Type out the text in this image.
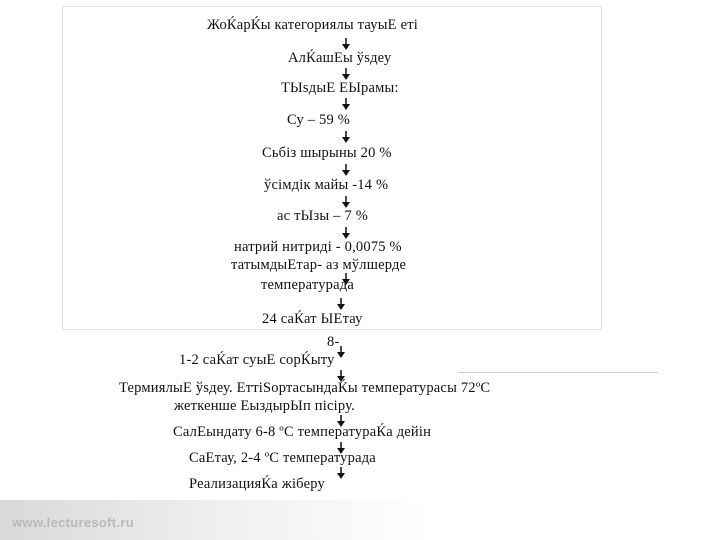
ЖоЌарЌы категориялы тауыЕ еті
АлЌашЕы ўѕдеу
ТЫѕдыЕ ЕЫрамы:
Су – 59 %
Сьбіз шырыны 20 %
ўсімдік майы -14 %
ас тЫзы – 7 %
натрий нитриді - 0,0075 %
татымдыЕтар- аз мўлшерде
температурада
24 саЌат ЫЕтау
8-
1-2 саЌат суыЕ сорЌыту
ТермиялыЕ ўѕдеу. ЕттіЅортасындаЌы температурасы 72ºС
жеткенше ЕыздырЫп пісіру.
СалЕындату 6-8 ºС температураЌа дейін
СаЕтау, 2-4 ºС температурада
РеализацияЌа жіберу
www.lecturesoft.ru
